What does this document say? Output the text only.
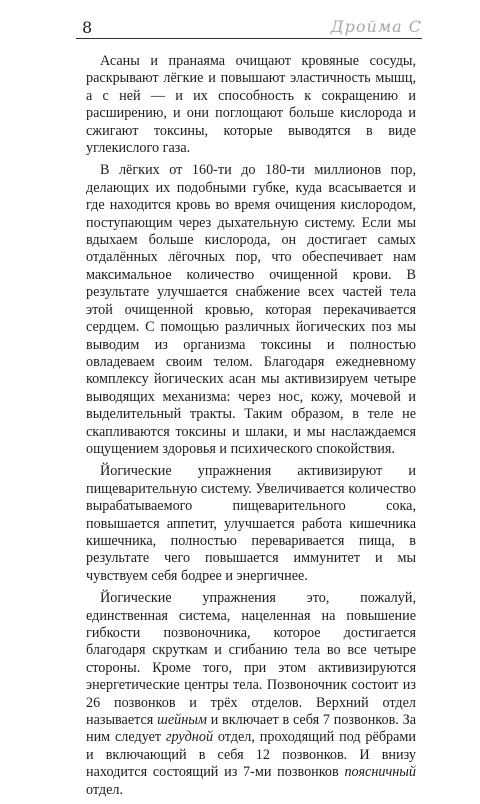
8	Дройма С

Асаны и пранаяма очищают кровяные сосуды, раскрывают лёгкие и повышают эластичность мышц, а с ней — и их способность к сокращению и расширению, и они поглощают больше кислорода и сжигают токсины, которые выводятся в виде углекислого газа.

В лёгких от 160-ти до 180-ти миллионов пор, делающих их подобными губке, куда всасывается и где находится кровь во время очищения кислородом, поступающим через дыхательную систему. Если мы вдыхаем больше кислорода, он достигает самых отдалённых лёгочных пор, что обеспечивает нам максимальное количество очищенной крови. В результате улучшается снабжение всех частей тела этой очищенной кровью, которая перекачивается сердцем. С помощью различных йогических поз мы выводим из организма токсины и полностью овладеваем своим телом. Благодаря ежедневному комплексу йогических асан мы активизируем четыре выводящих механизма: через нос, кожу, мочевой и выделительный тракты. Таким образом, в теле не скапливаются токсины и шлаки, и мы наслаждаемся ощущением здоровья и психического спокойствия.

Йогические упражнения активизируют и пищеварительную систему. Увеличивается количество вырабатываемого пищеварительного сока, повышается аппетит, улучшается работа кишечника кишечника, полностью переваривается пища, в результате чего повышается иммунитет и мы чувствуем себя бодрее и энергичнее.

Йогические упражнения это, пожалуй, единственная система, нацеленная на повышение гибкости позвоночника, которое достигается благодаря скруткам и сгибанию тела во все четыре стороны. Кроме того, при этом активизируются энергетические центры тела. Позвоночник состоит из 26 позвонков и трёх отделов. Верхний отдел называется шейным и включает в себя 7 позвонков. За ним следует грудной отдел, проходящий под рёбрами и включающий в себя 12 позвонков. И внизу находится состоящий из 7-ми позвонков поясничный отдел.
